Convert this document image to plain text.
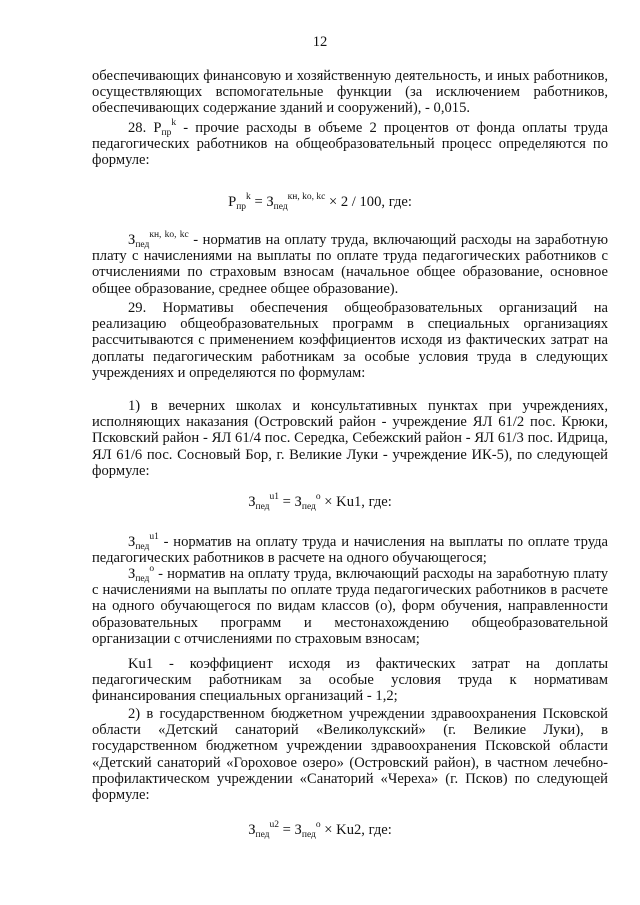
12

обеспечивающих финансовую и хозяйственную деятельность, и иных работников, осуществляющих вспомогательные функции (за исключением работников, обеспечивающих содержание зданий и сооружений), - 0,015.

28. $Р_{пр}^k$ - прочие расходы в объеме 2 процентов от фонда оплаты труда педагогических работников на общеобразовательный процесс определяются по формуле:

$Р_{пр}^k = З_{пед}^{кн, ko, kc} \times 2 / 100$, где:

$З_{пед}^{кн, ko, kc}$ - норматив на оплату труда, включающий расходы на заработную плату с начислениями на выплаты по оплате труда педагогических работников с отчислениями по страховым взносам (начальное общее образование, основное общее образование, среднее общее образование).

29. Нормативы обеспечения общеобразовательных организаций на реализацию общеобразовательных программ в специальных организациях рассчитываются с применением коэффициентов исходя из фактических затрат на доплаты педагогическим работникам за особые условия труда в следующих учреждениях и определяются по формулам:

1) в вечерних школах и консультативных пунктах при учреждениях, исполняющих наказания (Островский район - учреждение ЯЛ 61/2 пос. Крюки, Псковский район - ЯЛ 61/4 пос. Середка, Себежский район - ЯЛ 61/3 пос. Идрица, ЯЛ 61/6 пос. Сосновый Бор, г. Великие Луки - учреждение ИК-5), по следующей формуле:

$З_{пед}^{u1} = З_{пед}^o \times Ku1$, где:

$З_{пед}^{u1}$ - норматив на оплату труда и начисления на выплаты по оплате труда педагогических работников в расчете на одного обучающегося;

$З_{пед}^o$ - норматив на оплату труда, включающий расходы на заработную плату с начислениями на выплаты по оплате труда педагогических работников в расчете на одного обучающегося по видам классов (о), форм обучения, направленности образовательных программ и местонахождению общеобразовательной организации с отчислениями по страховым взносам;

Ku1 - коэффициент исходя из фактических затрат на доплаты педагогическим работникам за особые условия труда к нормативам финансирования специальных организаций - 1,2;

2) в государственном бюджетном учреждении здравоохранения Псковской области «Детский санаторий «Великолукский» (г. Великие Луки), в государственном бюджетном учреждении здравоохранения Псковской области «Детский санаторий «Гороховое озеро» (Островский район), в частном лечебно-профилактическом учреждении «Санаторий «Череха» (г. Псков) по следующей формуле:

$З_{пед}^{u2} = З_{пед}^o \times Ku2$, где:
